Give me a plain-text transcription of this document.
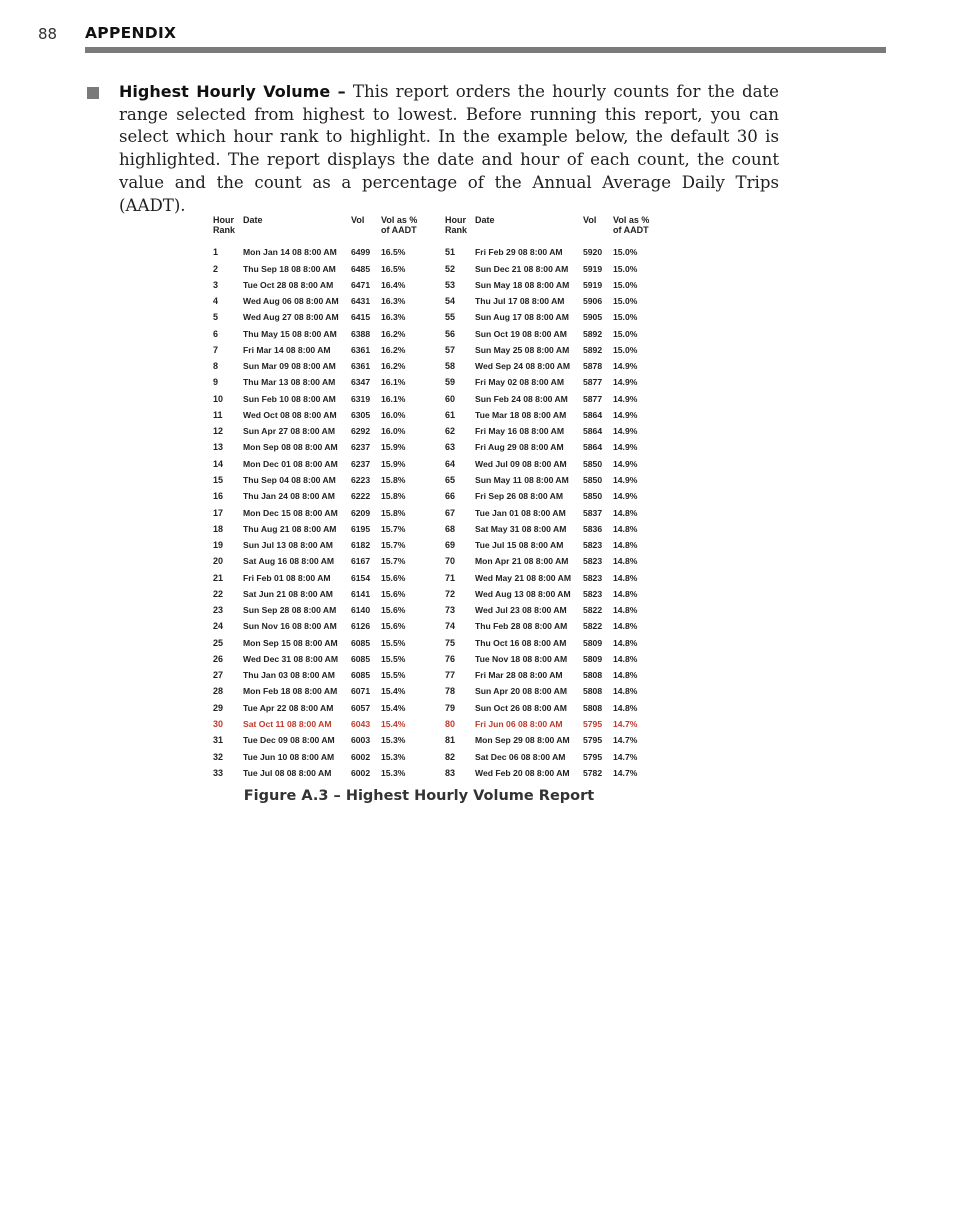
88 APPENDIX

Highest Hourly Volume – This report orders the hourly counts for the date range selected from highest to lowest. Before running this report, you can select which hour rank to highlight. In the example below, the default 30 is highlighted. The report displays the date and hour of each count, the count value and the count as a percentage of the Annual Average Daily Trips (AADT).

Hour
Rank	Date	Vol	Vol as %
of AADT	Hour
Rank	Date	Vol	Vol as %
of AADT
1	Mon Jan 14 08 8:00 AM	6499	16.5%	51	Fri Feb 29 08 8:00 AM	5920	15.0%
2	Thu Sep 18 08 8:00 AM	6485	16.5%	52	Sun Dec 21 08 8:00 AM	5919	15.0%
3	Tue Oct 28 08 8:00 AM	6471	16.4%	53	Sun May 18 08 8:00 AM	5919	15.0%
4	Wed Aug 06 08 8:00 AM	6431	16.3%	54	Thu Jul 17 08 8:00 AM	5906	15.0%
5	Wed Aug 27 08 8:00 AM	6415	16.3%	55	Sun Aug 17 08 8:00 AM	5905	15.0%
6	Thu May 15 08 8:00 AM	6388	16.2%	56	Sun Oct 19 08 8:00 AM	5892	15.0%
7	Fri Mar 14 08 8:00 AM	6361	16.2%	57	Sun May 25 08 8:00 AM	5892	15.0%
8	Sun Mar 09 08 8:00 AM	6361	16.2%	58	Wed Sep 24 08 8:00 AM	5878	14.9%
9	Thu Mar 13 08 8:00 AM	6347	16.1%	59	Fri May 02 08 8:00 AM	5877	14.9%
10	Sun Feb 10 08 8:00 AM	6319	16.1%	60	Sun Feb 24 08 8:00 AM	5877	14.9%
11	Wed Oct 08 08 8:00 AM	6305	16.0%	61	Tue Mar 18 08 8:00 AM	5864	14.9%
12	Sun Apr 27 08 8:00 AM	6292	16.0%	62	Fri May 16 08 8:00 AM	5864	14.9%
13	Mon Sep 08 08 8:00 AM	6237	15.9%	63	Fri Aug 29 08 8:00 AM	5864	14.9%
14	Mon Dec 01 08 8:00 AM	6237	15.9%	64	Wed Jul 09 08 8:00 AM	5850	14.9%
15	Thu Sep 04 08 8:00 AM	6223	15.8%	65	Sun May 11 08 8:00 AM	5850	14.9%
16	Thu Jan 24 08 8:00 AM	6222	15.8%	66	Fri Sep 26 08 8:00 AM	5850	14.9%
17	Mon Dec 15 08 8:00 AM	6209	15.8%	67	Tue Jan 01 08 8:00 AM	5837	14.8%
18	Thu Aug 21 08 8:00 AM	6195	15.7%	68	Sat May 31 08 8:00 AM	5836	14.8%
19	Sun Jul 13 08 8:00 AM	6182	15.7%	69	Tue Jul 15 08 8:00 AM	5823	14.8%
20	Sat Aug 16 08 8:00 AM	6167	15.7%	70	Mon Apr 21 08 8:00 AM	5823	14.8%
21	Fri Feb 01 08 8:00 AM	6154	15.6%	71	Wed May 21 08 8:00 AM	5823	14.8%
22	Sat Jun 21 08 8:00 AM	6141	15.6%	72	Wed Aug 13 08 8:00 AM	5823	14.8%
23	Sun Sep 28 08 8:00 AM	6140	15.6%	73	Wed Jul 23 08 8:00 AM	5822	14.8%
24	Sun Nov 16 08 8:00 AM	6126	15.6%	74	Thu Feb 28 08 8:00 AM	5822	14.8%
25	Mon Sep 15 08 8:00 AM	6085	15.5%	75	Thu Oct 16 08 8:00 AM	5809	14.8%
26	Wed Dec 31 08 8:00 AM	6085	15.5%	76	Tue Nov 18 08 8:00 AM	5809	14.8%
27	Thu Jan 03 08 8:00 AM	6085	15.5%	77	Fri Mar 28 08 8:00 AM	5808	14.8%
28	Mon Feb 18 08 8:00 AM	6071	15.4%	78	Sun Apr 20 08 8:00 AM	5808	14.8%
29	Tue Apr 22 08 8:00 AM	6057	15.4%	79	Sun Oct 26 08 8:00 AM	5808	14.8%
30	Sat Oct 11 08 8:00 AM	6043	15.4%	80	Fri Jun 06 08 8:00 AM	5795	14.7%
31	Tue Dec 09 08 8:00 AM	6003	15.3%	81	Mon Sep 29 08 8:00 AM	5795	14.7%
32	Tue Jun 10 08 8:00 AM	6002	15.3%	82	Sat Dec 06 08 8:00 AM	5795	14.7%
33	Tue Jul 08 08 8:00 AM	6002	15.3%	83	Wed Feb 20 08 8:00 AM	5782	14.7%
Figure A.3 – Highest Hourly Volume Report
